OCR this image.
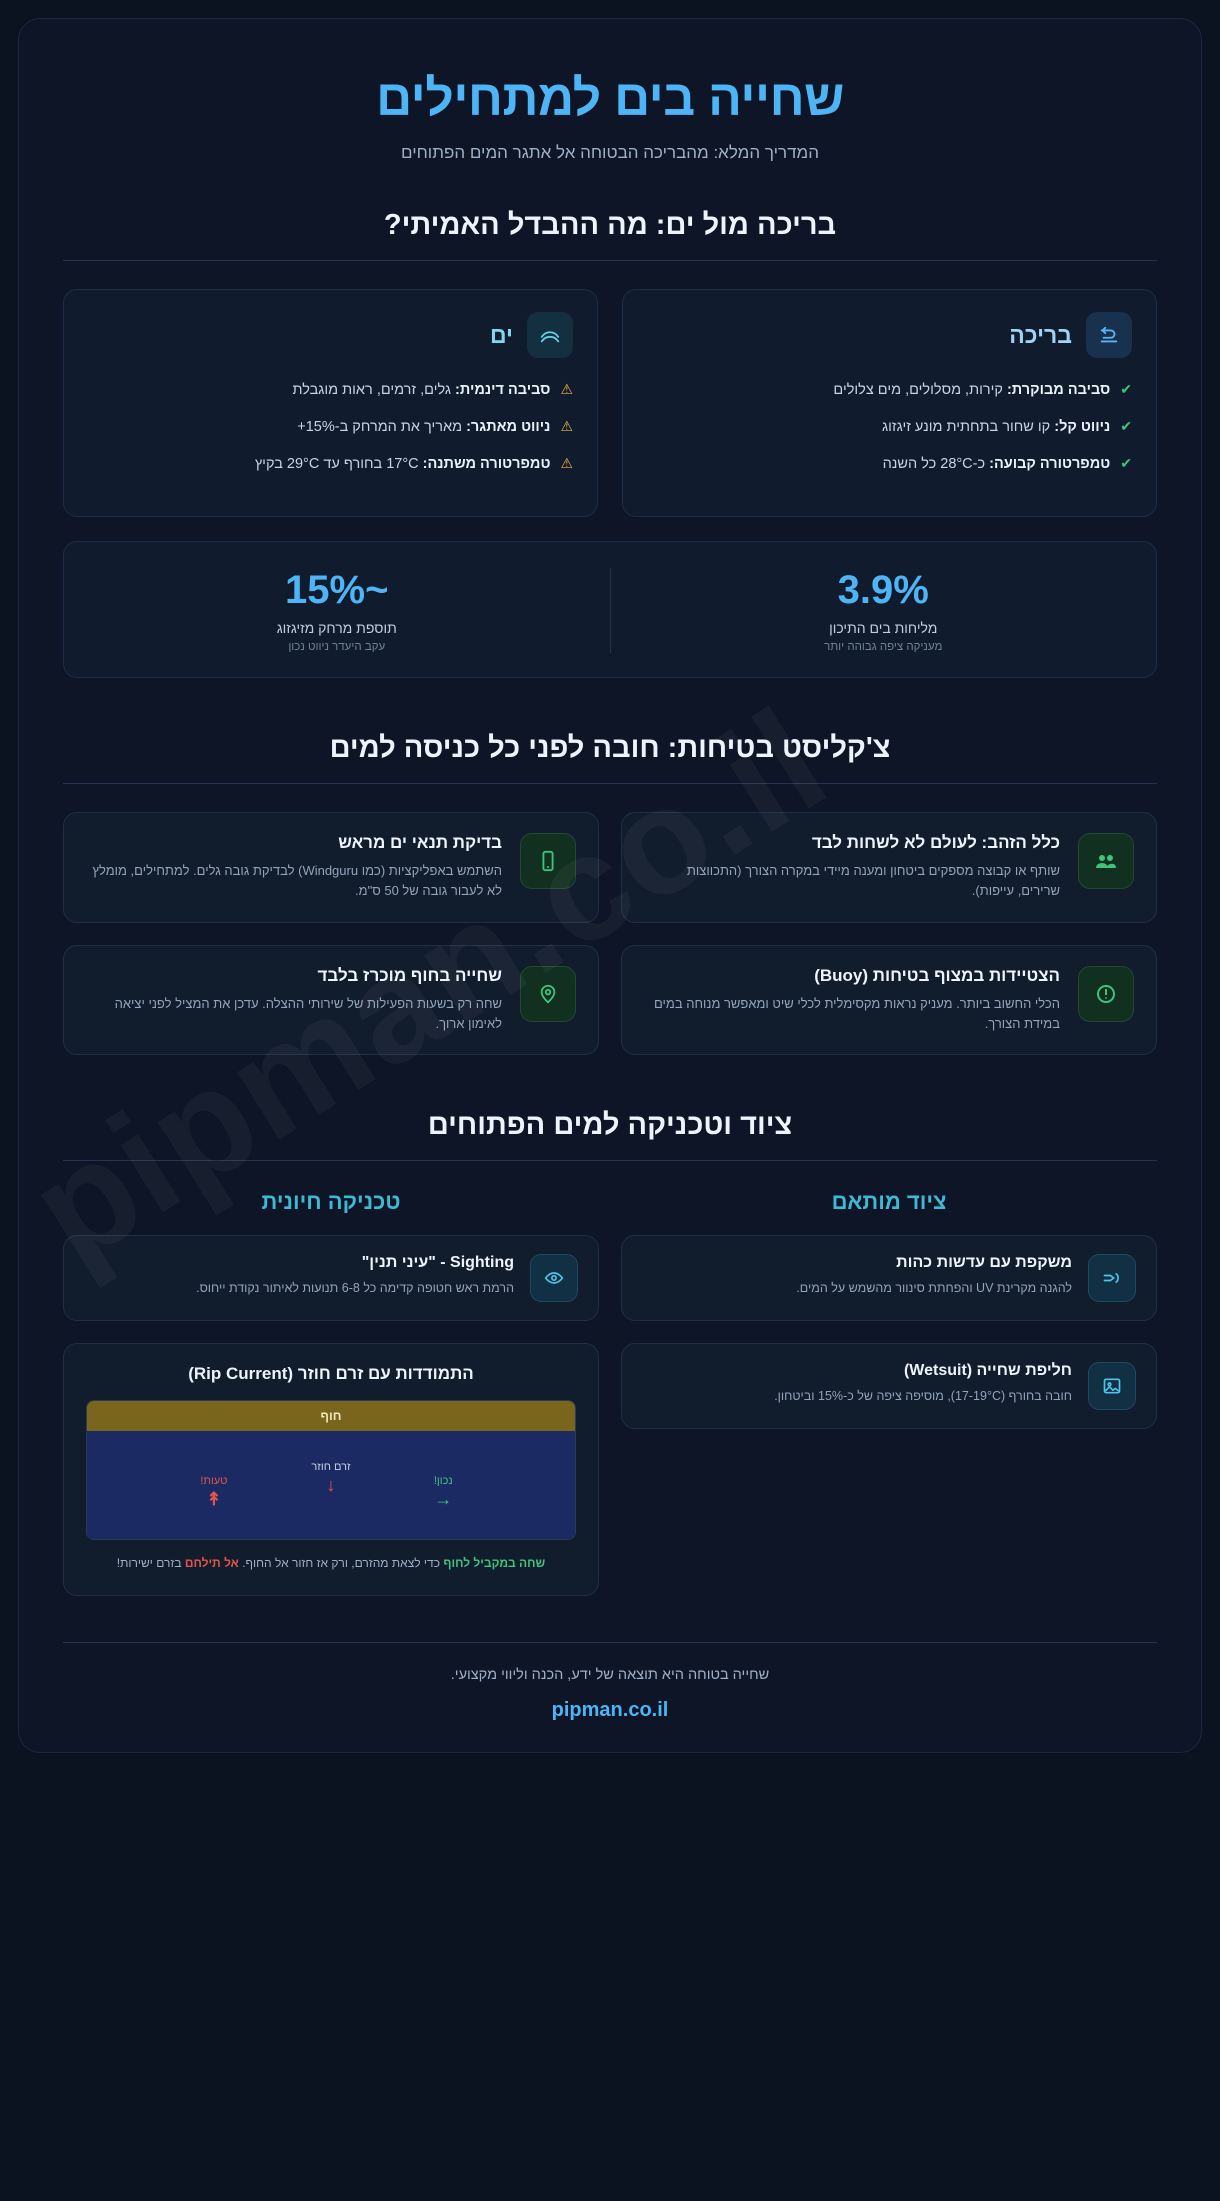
שחייה בים למתחילים
המדריך המלא: מהבריכה הבטוחה אל אתגר המים הפתוחים
בריכה מול ים: מה ההבדל האמיתי?
בריכה
✔
סביבה מבוקרת: קירות, מסלולים, מים צלולים
✔
ניווט קל: קו שחור בתחתית מונע זיגזוג
✔
טמפרטורה קבועה: כ-28°C כל השנה
ים
⚠
סביבה דינמית: גלים, זרמים, ראות מוגבלת
⚠
ניווט מאתגר: מאריך את המרחק ב-15%+
⚠
טמפרטורה משתנה: 17°C בחורף עד 29°C בקיץ
3.9%
מליחות בים התיכון
מעניקה ציפה גבוהה יותר
~15%
תוספת מרחק מזיגזוג
עקב היעדר ניווט נכון
צ'קליסט בטיחות: חובה לפני כל כניסה למים
כלל הזהב: לעולם לא לשחות לבד
שותף או קבוצה מספקים ביטחון ומענה מיידי במקרה הצורך (התכווצות שרירים, עייפות).
בדיקת תנאי ים מראש
השתמש באפליקציות (כמו Windguru) לבדיקת גובה גלים. למתחילים, מומלץ לא לעבור גובה של 50 ס"מ.
הצטיידות במצוף בטיחות (Buoy)
הכלי החשוב ביותר. מעניק נראות מקסימלית לכלי שיט ומאפשר מנוחה במים במידת הצורך.
שחייה בחוף מוכרז בלבד
שחה רק בשעות הפעילות של שירותי ההצלה. עדכן את המציל לפני יציאה לאימון ארוך.
ציוד וטכניקה למים הפתוחים
ציוד מותאם
משקפת עם עדשות כהות
להגנה מקרינת UV והפחתת סינוור מהשמש על המים.
חליפת שחייה (Wetsuit)
חובה בחורף (17-19°C), מוסיפה ציפה של כ-15% וביטחון.
טכניקה חיונית
Sighting - "עיני תנין"
הרמת ראש חטופה קדימה כל 6-8 תנועות לאיתור נקודת ייחוס.
התמודדות עם זרם חוזר (Rip Current)
חוף
זרם חוזר
↓
טעות!
↟
נכון!
→
שחה במקביל לחוף כדי לצאת מהזרם, ורק אז חזור אל החוף. אל תילחם בזרם ישירות!
שחייה בטוחה היא תוצאה של ידע, הכנה וליווי מקצועי.
pipman.co.il
